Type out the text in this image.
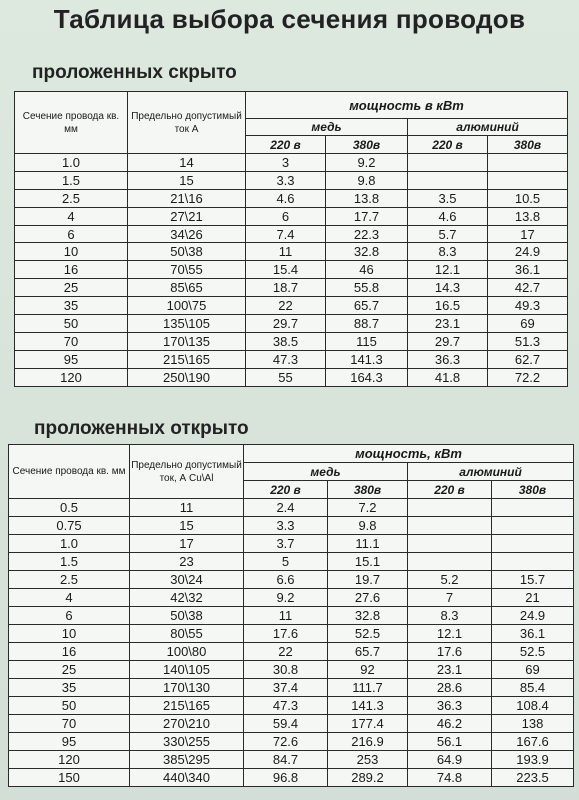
Таблица выбора сечения проводов
проложенных скрыто
Сечение провода кв. мм	Предельно допустимый ток А	мощность в кВт			
		медь		алюминий	
		220 в	380в	220 в	380в
1.0	14	3	9.2		
1.5	15	3.3	9.8		
2.5	21\16	4.6	13.8	3.5	10.5
4	27\21	6	17.7	4.6	13.8
6	34\26	7.4	22.3	5.7	17
10	50\38	11	32.8	8.3	24.9
16	70\55	15.4	46	12.1	36.1
25	85\65	18.7	55.8	14.3	42.7
35	100\75	22	65.7	16.5	49.3
50	135\105	29.7	88.7	23.1	69
70	170\135	38.5	115	29.7	51.3
95	215\165	47.3	141.3	36.3	62.7
120	250\190	55	164.3	41.8	72.2
проложенных открыто
Сечение провода кв. мм	Предельно допустимый ток, А Cu\Al	мощность, кВт			
		медь		алюминий	
		220 в	380в	220 в	380в
0.5	11	2.4	7.2		
0.75	15	3.3	9.8		
1.0	17	3.7	11.1		
1.5	23	5	15.1		
2.5	30\24	6.6	19.7	5.2	15.7
4	42\32	9.2	27.6	7	21
6	50\38	11	32.8	8.3	24.9
10	80\55	17.6	52.5	12.1	36.1
16	100\80	22	65.7	17.6	52.5
25	140\105	30.8	92	23.1	69
35	170\130	37.4	111.7	28.6	85.4
50	215\165	47.3	141.3	36.3	108.4
70	270\210	59.4	177.4	46.2	138
95	330\255	72.6	216.9	56.1	167.6
120	385\295	84.7	253	64.9	193.9
150	440\340	96.8	289.2	74.8	223.5
